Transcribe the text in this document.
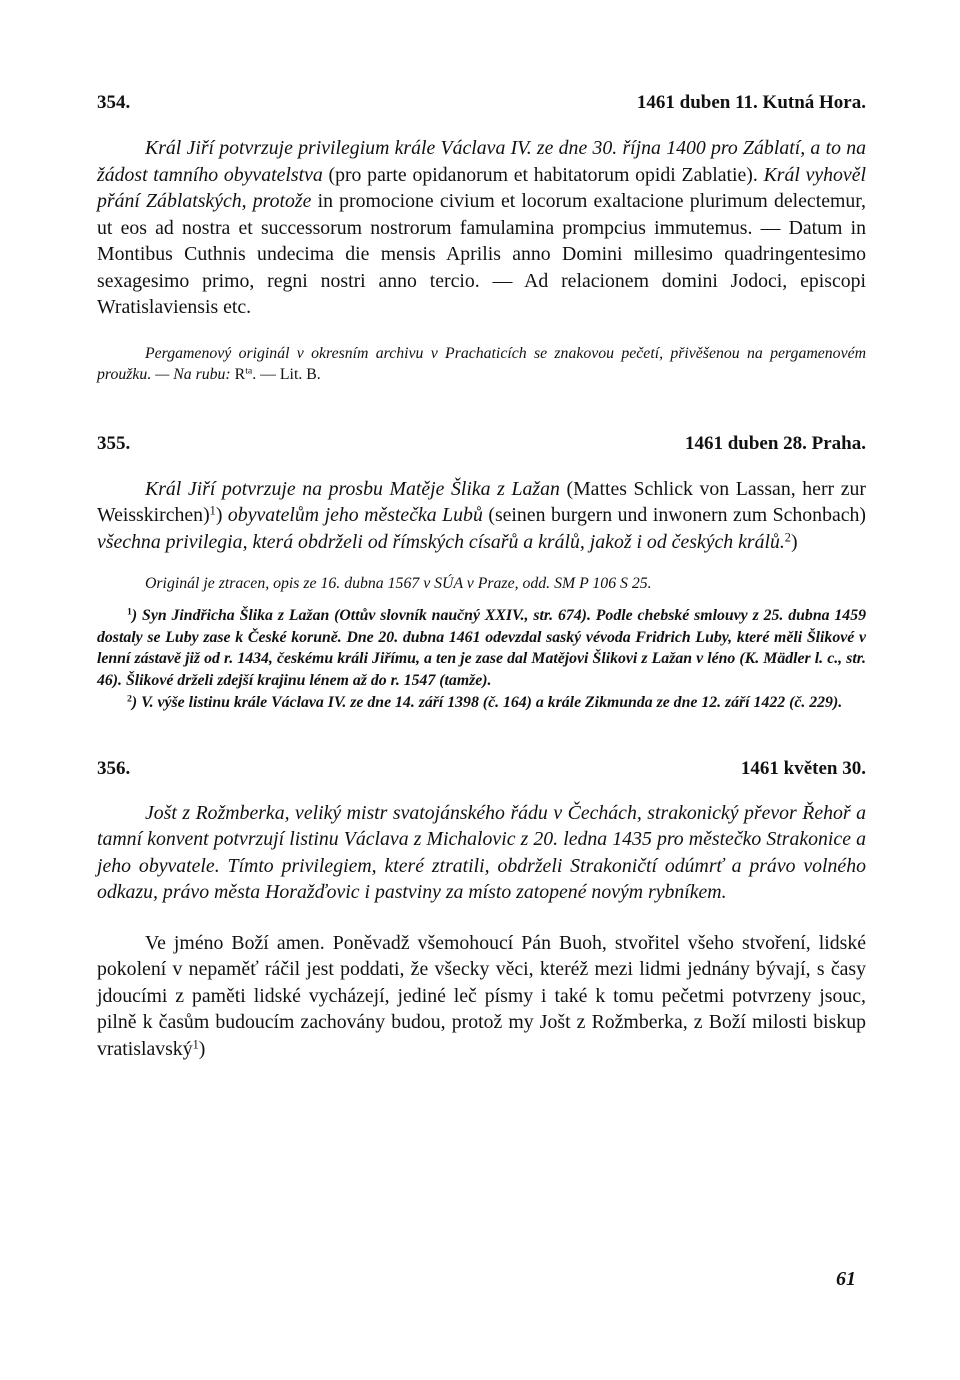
354.	1461 duben 11. Kutná Hora.

Král Jiří potvrzuje privilegium krále Václava IV. ze dne 30. října 1400 pro Záblatí, a to na žádost tamního obyvatelstva (pro parte opidanorum et habitatorum opidi Zablatie). Král vyhověl přání Záblatských, protože in promocione civium et locorum exaltacione plurimum delectemur, ut eos ad nostra et successorum nostrorum famulamina prompcius immutemus. — Datum in Montibus Cuthnis undecima die mensis Aprilis anno Domini millesimo quadringentesimo sexagesimo primo, regni nostri anno tercio. — Ad relacionem domini Jodoci, episcopi Wratislaviensis etc.

Pergamenový originál v okresním archivu v Prachaticích se znakovou pečetí, přivěšenou na pergamenovém proužku. — Na rubu: $R^{ta}$. — Lit. B.

355.	1461 duben 28. Praha.

Král Jiří potvrzuje na prosbu Matěje Šlika z Lažan (Mattes Schlick von Lassan, herr zur Weisskirchen)$^1$) obyvatelům jeho městečka Lubů (seinen burgern und inwonern zum Schonbach) všechna privilegia, která obdrželi od římských císařů a králů, jakož i od českých králů.$^2$)

Originál je ztracen, opis ze 16. dubna 1567 v SÚA v Praze, odd. SM P 106 S 25.

$^1$) Syn Jindřicha Šlika z Lažan (Ottův slovník naučný XXIV., str. 674). Podle chebské smlouvy z 25. dubna 1459 dostaly se Luby zase k České koruně. Dne 20. dubna 1461 odevzdal saský vévoda Fridrich Luby, které měli Šlikové v lenní zástavě již od r. 1434, českému králi Jiřímu, a ten je zase dal Matějovi Šlikovi z Lažan v léno (K. Mädler l. c., str. 46). Šlikové drželi zdejší krajinu lénem až do r. 1547 (tamže).

$^2$) V. výše listinu krále Václava IV. ze dne 14. září 1398 (č. 164) a krále Zikmunda ze dne 12. září 1422 (č. 229).

356.	1461 květen 30.

Jošt z Rožmberka, veliký mistr svatojánského řádu v Čechách, strakonický převor Řehoř a tamní konvent potvrzují listinu Václava z Michalovic z 20. ledna 1435 pro městečko Strakonice a jeho obyvatele. Tímto privilegiem, které ztratili, obdrželi Strakoničtí odúmrť a právo volného odkazu, právo města Horažďovic i pastviny za místo zatopené novým rybníkem.

Ve jméno Boží amen. Poněvadž všemohoucí Pán Buoh, stvořitel všeho stvoření, lidské pokolení v nepaměť ráčil jest poddati, že všecky věci, kteréž mezi lidmi jednány bývají, s časy jdoucími z paměti lidské vycházejí, jediné leč písmy i také k tomu pečetmi potvrzeny jsouc, pilně k časům budoucím zachovány budou, protož my Jošt z Rožmberka, z Boží milosti biskup vratislavský$^1$)

61
